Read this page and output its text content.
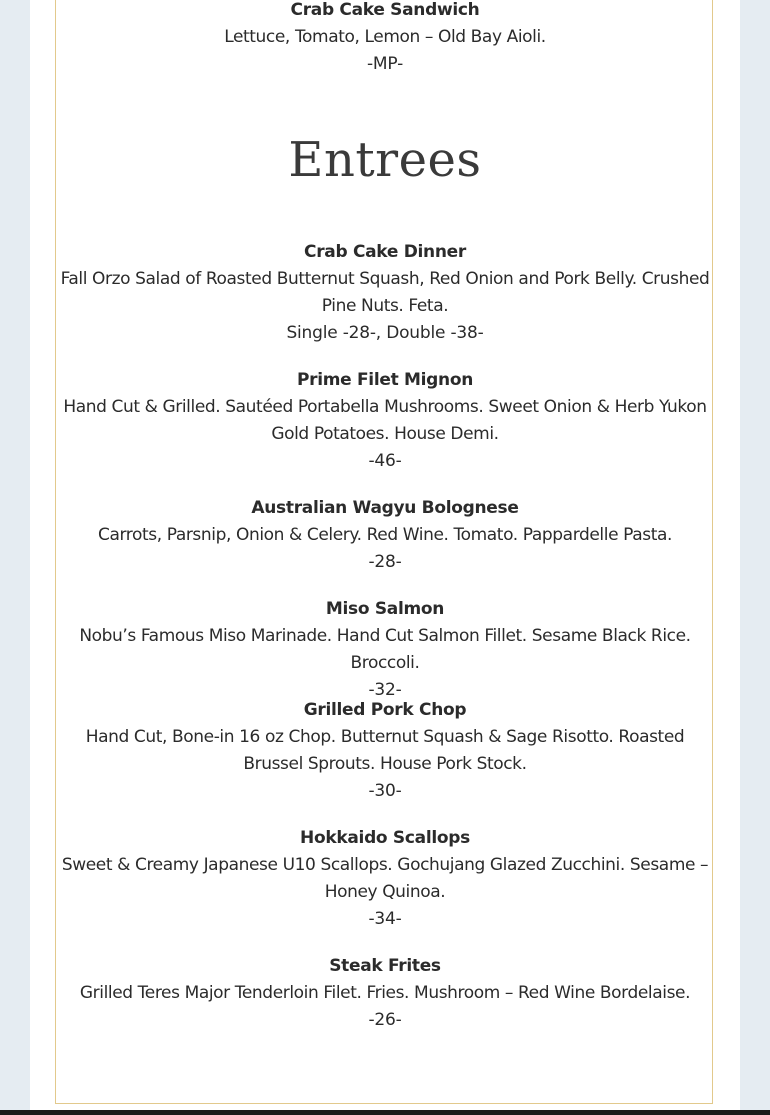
Crab Cake Sandwich
Lettuce, Tomato, Lemon – Old Bay Aioli.
-MP-
Entrees
Crab Cake Dinner
Fall Orzo Salad of Roasted Butternut Squash, Red Onion and Pork Belly. Crushed Pine Nuts. Feta.
Single -28-, Double -38-
Prime Filet Mignon
Hand Cut & Grilled. Sautéed Portabella Mushrooms. Sweet Onion & Herb Yukon Gold Potatoes. House Demi.
-46-
Australian Wagyu Bolognese
Carrots, Parsnip, Onion & Celery. Red Wine. Tomato. Pappardelle Pasta.
-28-
Miso Salmon
Nobu’s Famous Miso Marinade. Hand Cut Salmon Fillet. Sesame Black Rice. Broccoli.
-32-
Grilled Pork Chop
Hand Cut, Bone-in 16 oz Chop. Butternut Squash & Sage Risotto. Roasted Brussel Sprouts. House Pork Stock.
-30-
Hokkaido Scallops
Sweet & Creamy Japanese U10 Scallops. Gochujang Glazed Zucchini. Sesame – Honey Quinoa.
-34-
Steak Frites
Grilled Teres Major Tenderloin Filet. Fries. Mushroom – Red Wine Bordelaise.
-26-
